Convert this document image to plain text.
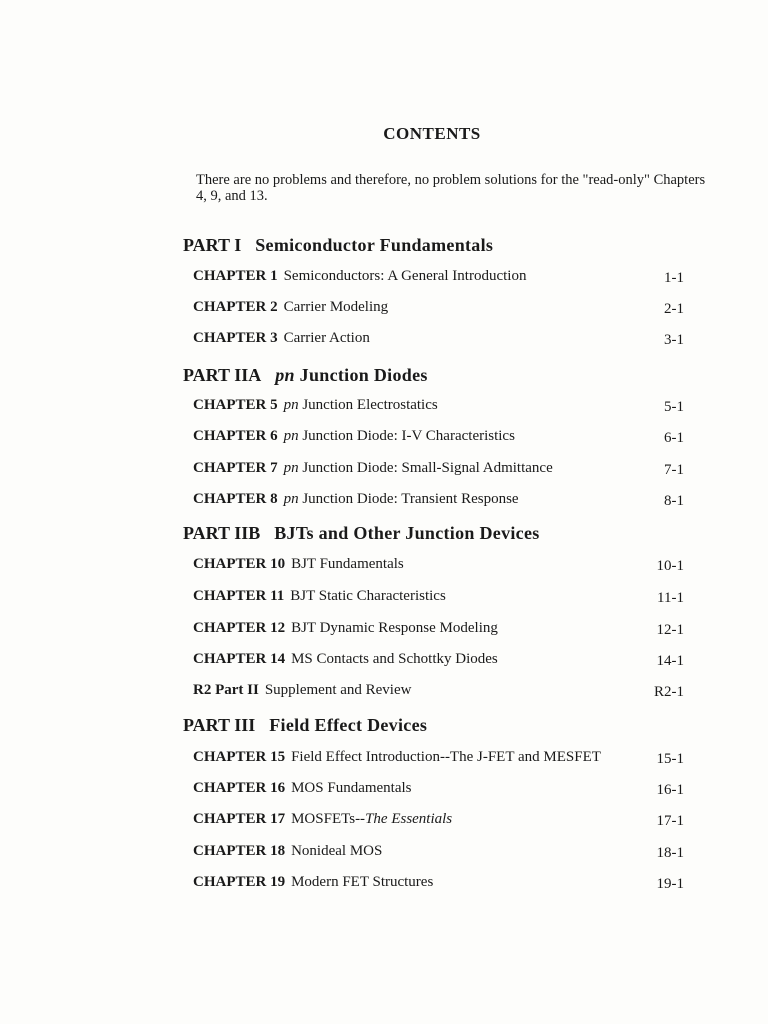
CONTENTS
There are no problems and therefore, no problem solutions for the "read-only" Chapters 4, 9, and 13.
PART I Semiconductor Fundamentals
CHAPTER 1 Semiconductors: A General Introduction	1-1
CHAPTER 2 Carrier Modeling	2-1
CHAPTER 3 Carrier Action	3-1
PART IIA pn Junction Diodes
CHAPTER 5 pn Junction Electrostatics	5-1
CHAPTER 6 pn Junction Diode: I-V Characteristics	6-1
CHAPTER 7 pn Junction Diode: Small-Signal Admittance	7-1
CHAPTER 8 pn Junction Diode: Transient Response	8-1
PART IIB BJTs and Other Junction Devices
CHAPTER 10 BJT Fundamentals	10-1
CHAPTER 11 BJT Static Characteristics	11-1
CHAPTER 12 BJT Dynamic Response Modeling	12-1
CHAPTER 14 MS Contacts and Schottky Diodes	14-1
R2 Part II Supplement and Review	R2-1
PART III Field Effect Devices
CHAPTER 15 Field Effect Introduction--The J-FET and MESFET	15-1
CHAPTER 16 MOS Fundamentals	16-1
CHAPTER 17 MOSFETs--The Essentials	17-1
CHAPTER 18 Nonideal MOS	18-1
CHAPTER 19 Modern FET Structures	19-1
